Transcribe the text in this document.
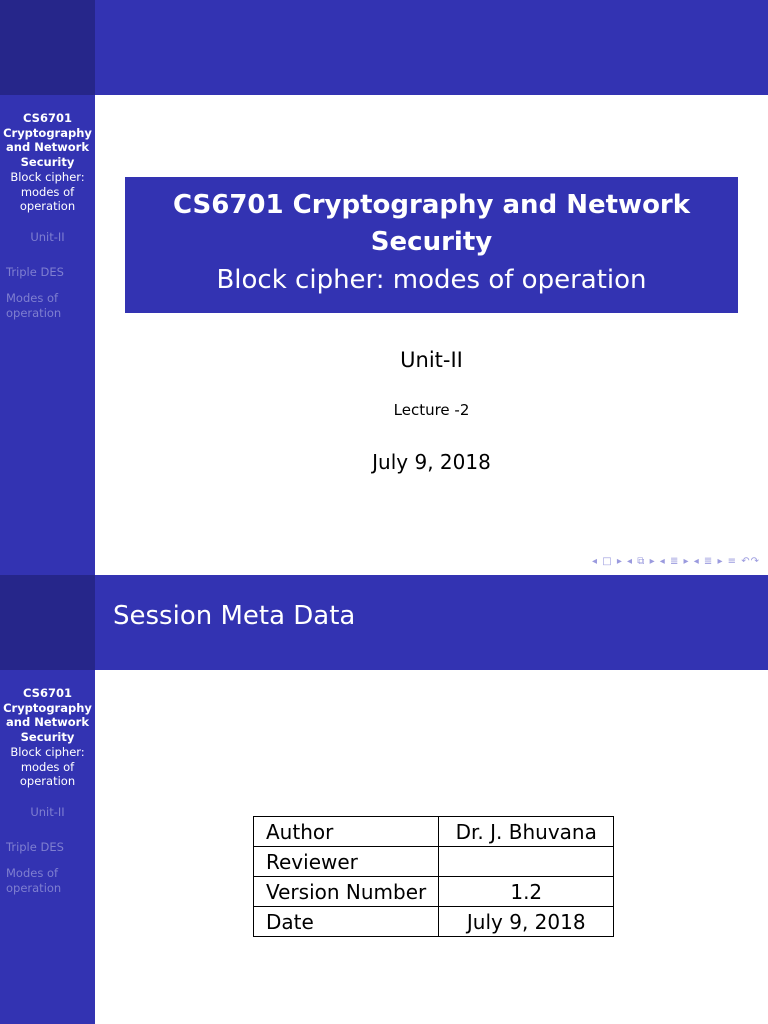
CS6701
Cryptography
and Network
Security
Block cipher:
modes of
operation
Unit-II
Triple DES
Modes of operation
CS6701 Cryptography and Network
Security
Block cipher: modes of operation
Unit-II
Lecture -2
July 9, 2018
◂ □ ▸ ◂ ⧉ ▸ ◂ ≣ ▸ ◂ ≣ ▸ ≡ ↶↷
Session Meta Data
CS6701
Cryptography
and Network
Security
Block cipher:
modes of
operation
Unit-II
Triple DES
Modes of operation
Author	Dr. J. Bhuvana
Reviewer	
Version Number	1.2
Date	July 9, 2018
